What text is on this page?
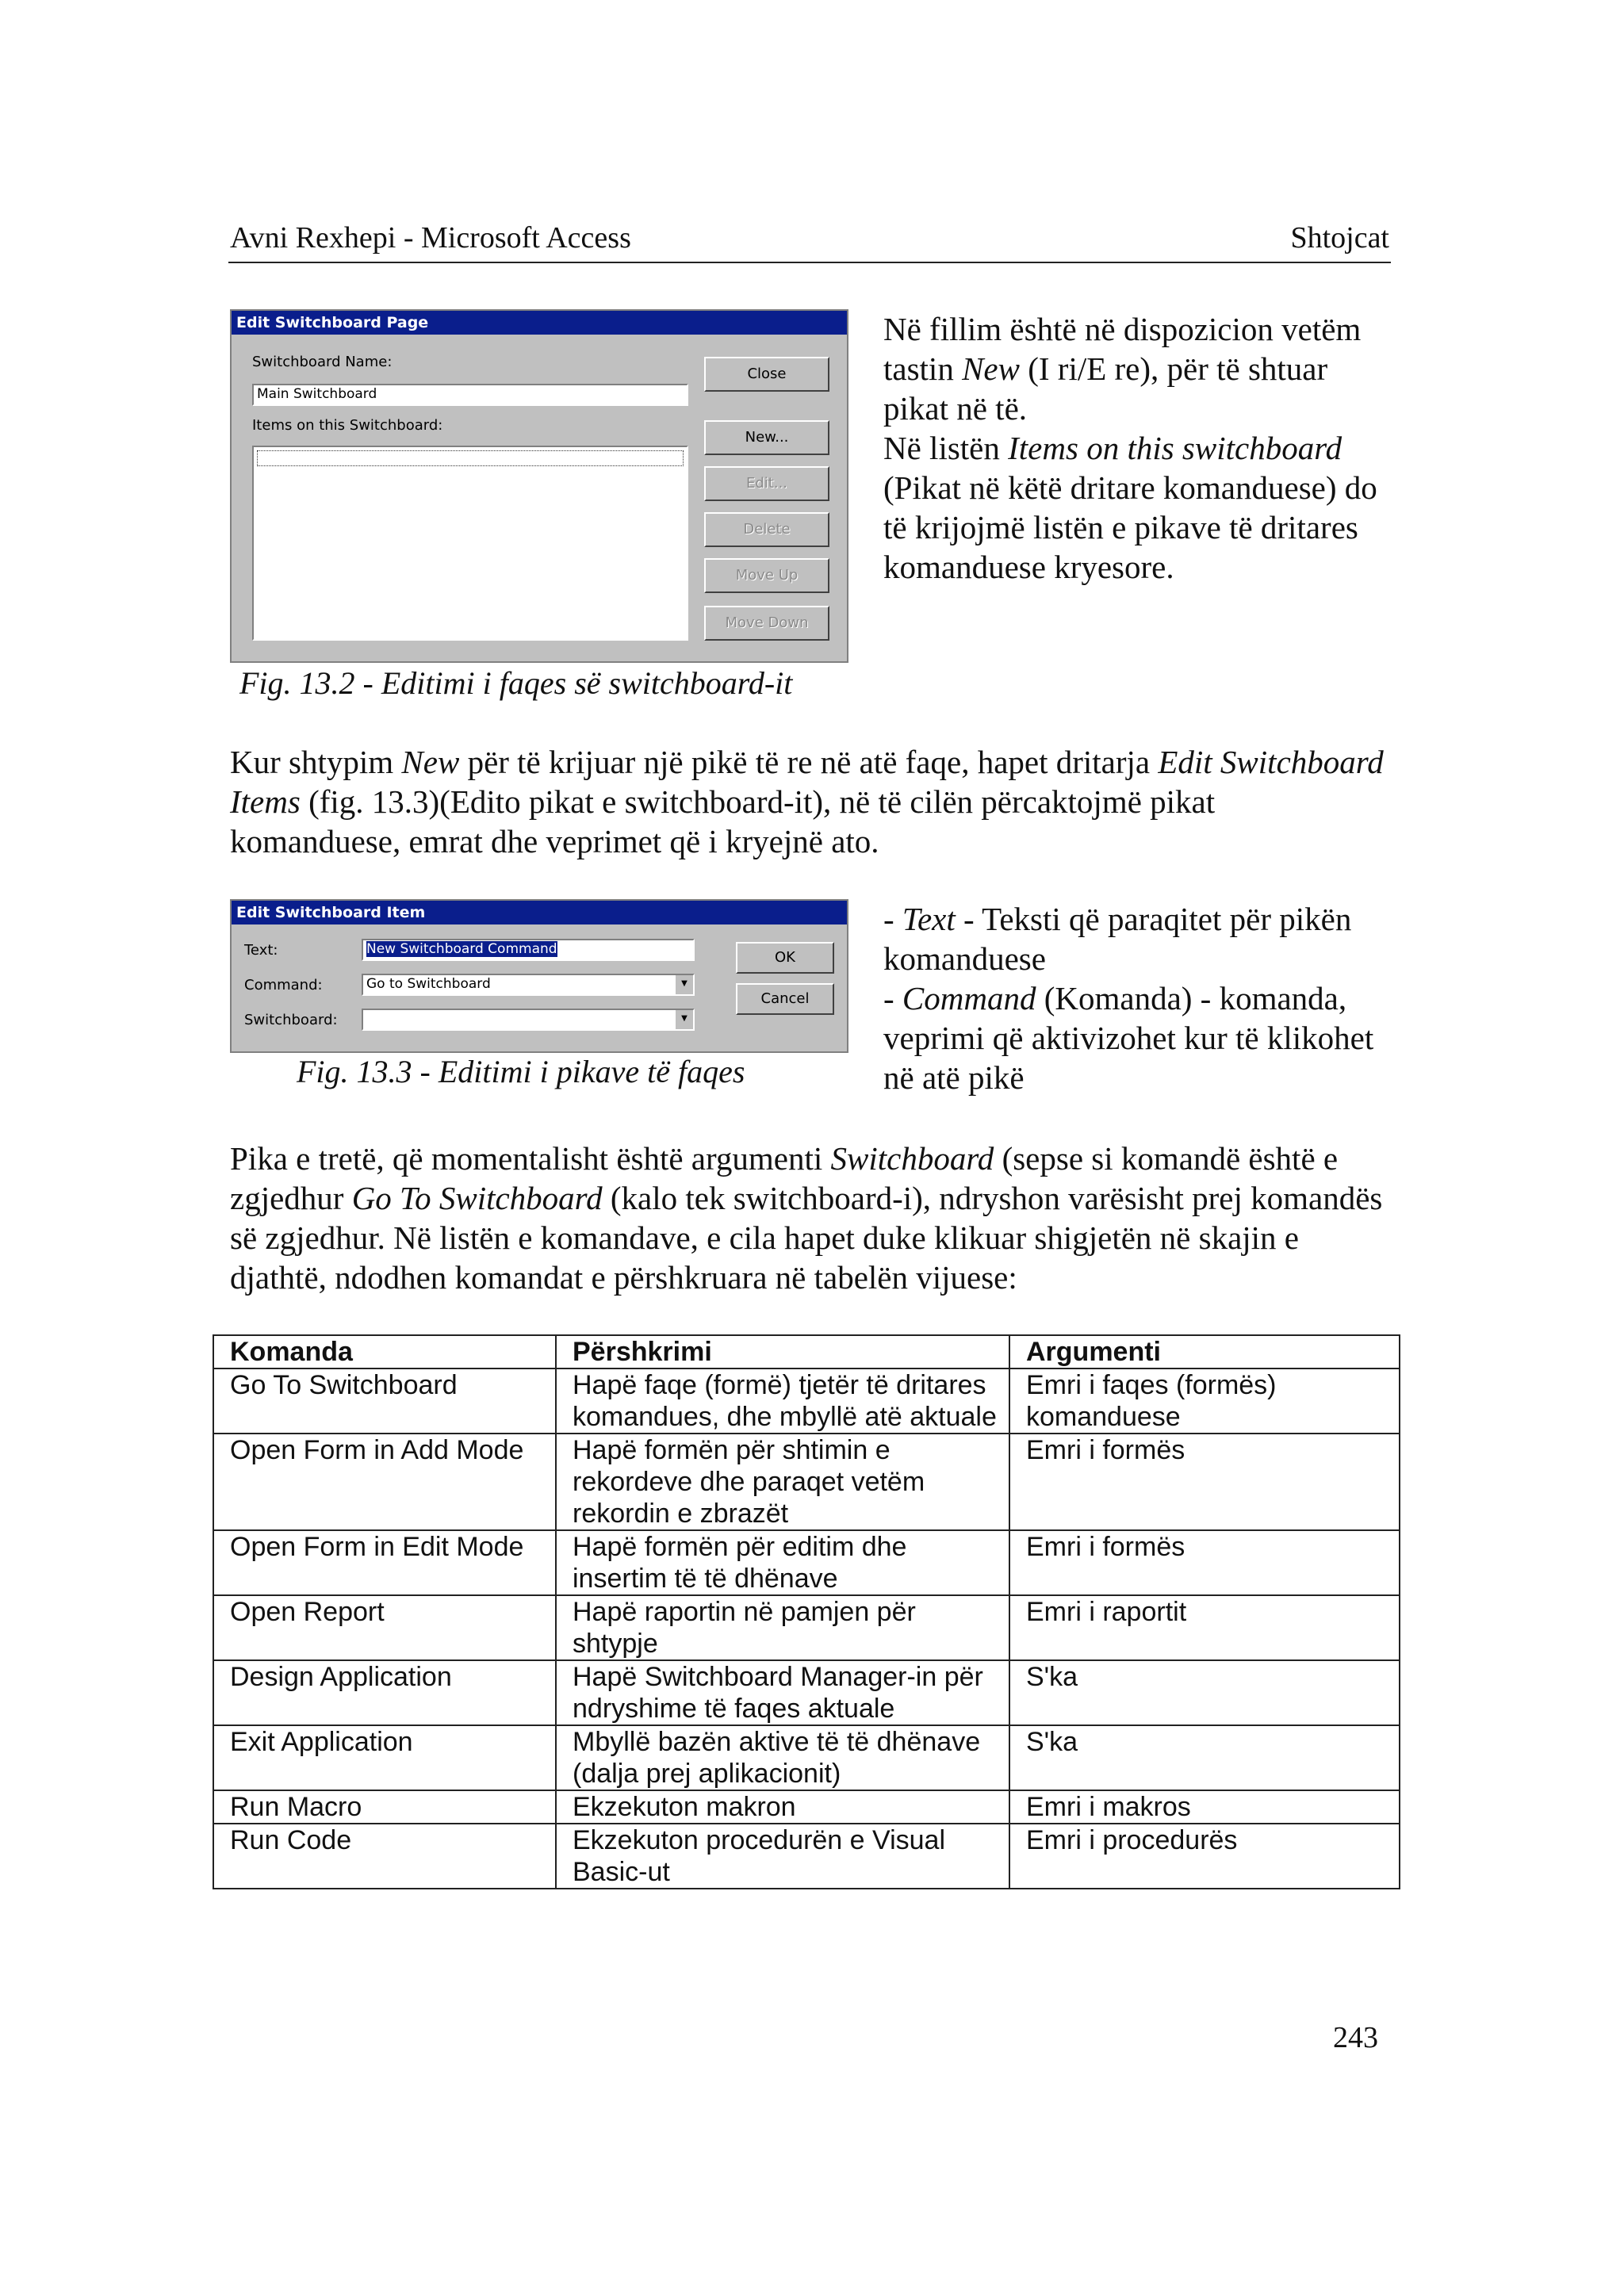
Avni Rexhepi - Microsoft Access	Shtojcat
Edit Switchboard Page
Switchboard Name:
Main Switchboard
Items on this Switchboard:
Close
New...
Edit...
Delete
Move Up
Move Down
Fig. 13.2 - Editimi i faqes së switchboard-it
Në fillim është në dispozicion vetëm tastin New (I ri/E re), për të shtuar pikat në të.
Në listën Items on this switchboard (Pikat në këtë dritare komanduese) do të krijojmë listën e pikave të dritares komanduese kryesore.
Kur shtypim New për të krijuar një pikë të re në atë faqe, hapet dritarja Edit Switchboard Items (fig. 13.3)(Edito pikat e switchboard-it), në të cilën përcaktojmë pikat komanduese, emrat dhe veprimet që i kryejnë ato.
Edit Switchboard Item
Text:	New Switchboard Command
Command:	Go to Switchboard	▼
Switchboard:	▼
OK
Cancel
Fig. 13.3 - Editimi i pikave të faqes
- Text - Teksti që paraqitet për pikën komanduese
- Command (Komanda) - komanda, veprimi që aktivizohet kur të klikohet në atë pikë
Pika e tretë, që momentalisht është argumenti Switchboard (sepse si komandë është e zgjedhur Go To Switchboard (kalo tek switchboard-i), ndryshon varësisht prej komandës së zgjedhur. Në listën e komandave, e cila hapet duke klikuar shigjetën në skajin e djathtë, ndodhen komandat e përshkruara në tabelën vijuese:
Komanda	Përshkrimi	Argumenti
Go To Switchboard	Hapë faqe (formë) tjetër të dritares komandues, dhe mbyllë atë aktuale	Emri i faqes (formës) komanduese
Open Form in Add Mode	Hapë formën për shtimin e rekordeve dhe paraqet vetëm rekordin e zbrazët	Emri i formës
Open Form in Edit Mode	Hapë formën për editim dhe insertim të të dhënave	Emri i formës
Open Report	Hapë raportin në pamjen për shtypje	Emri i raportit
Design Application	Hapë Switchboard Manager-in për ndryshime të faqes aktuale	S'ka
Exit Application	Mbyllë bazën aktive të të dhënave (dalja prej aplikacionit)	S'ka
Run Macro	Ekzekuton makron	Emri i makros
Run Code	Ekzekuton procedurën e Visual Basic-ut	Emri i procedurës
243
